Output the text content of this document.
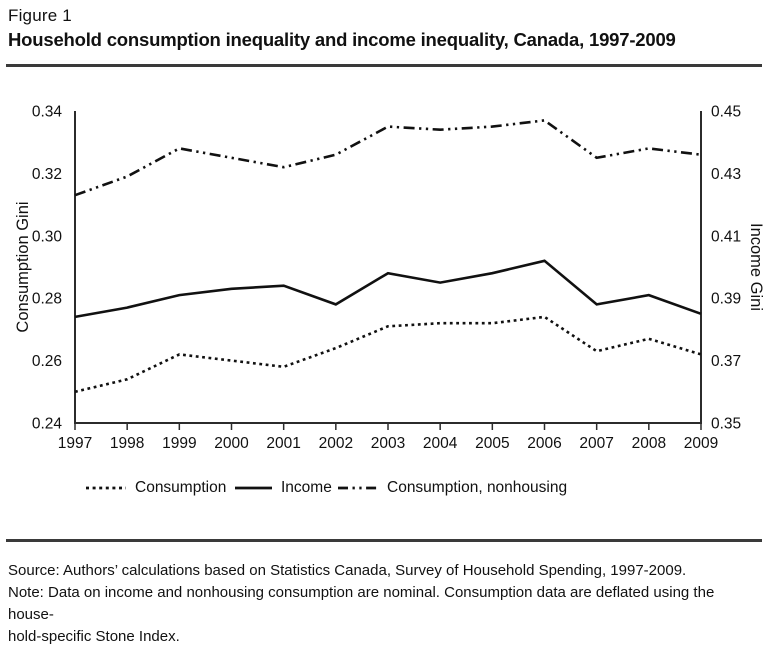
Figure 1
Household consumption inequality and income inequality, Canada, 1997-2009
Consumption Gini	Income Gini
1997 1998 1999 2000 2001 2002 2003 2004 2005 2006 2007 2008 2009
0.34
0.32
0.30
0.28
0.26
0.24
0.45
0.43
0.41
0.39
0.37
0.35
Consumption	Income	Consumption, nonhousing
Source: Authors’ calculations based on Statistics Canada, Survey of Household Spending, 1997-2009.
Note: Data on income and nonhousing consumption are nominal. Consumption data are deflated using the house-
hold-specific Stone Index.
